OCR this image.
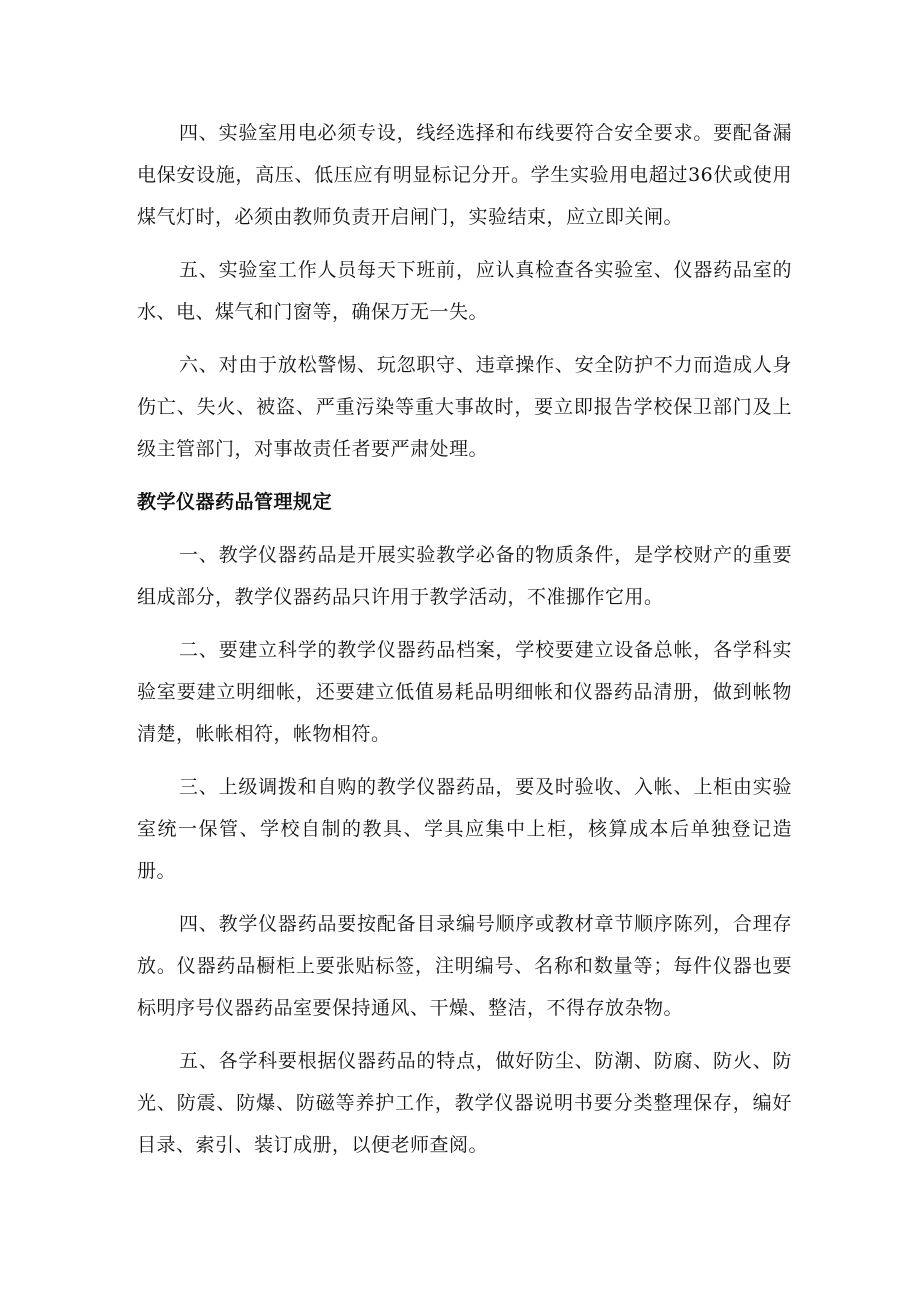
四、实验室用电必须专设，线经选择和布线要符合安全要求。要配备漏电保安设施，高压、低压应有明显标记分开。学生实验用电超过36伏或使用煤气灯时，必须由教师负责开启闸门，实验结束，应立即关闸。

五、实验室工作人员每天下班前，应认真检查各实验室、仪器药品室的水、电、煤气和门窗等，确保万无一失。

六、对由于放松警惕、玩忽职守、违章操作、安全防护不力而造成人身伤亡、失火、被盗、严重污染等重大事故时，要立即报告学校保卫部门及上级主管部门，对事故责任者要严肃处理。

教学仪器药品管理规定

一、教学仪器药品是开展实验教学必备的物质条件，是学校财产的重要组成部分，教学仪器药品只许用于教学活动，不准挪作它用。

二、要建立科学的教学仪器药品档案，学校要建立设备总帐，各学科实验室要建立明细帐，还要建立低值易耗品明细帐和仪器药品清册，做到帐物清楚，帐帐相符，帐物相符。

三、上级调拨和自购的教学仪器药品，要及时验收、入帐、上柜由实验室统一保管、学校自制的教具、学具应集中上柜，核算成本后单独登记造册。

四、教学仪器药品要按配备目录编号顺序或教材章节顺序陈列，合理存放。仪器药品橱柜上要张贴标签，注明编号、名称和数量等；每件仪器也要标明序号仪器药品室要保持通风、干燥、整洁，不得存放杂物。

五、各学科要根据仪器药品的特点，做好防尘、防潮、防腐、防火、防光、防震、防爆、防磁等养护工作，教学仪器说明书要分类整理保存，编好目录、索引、装订成册，以便老师查阅。
